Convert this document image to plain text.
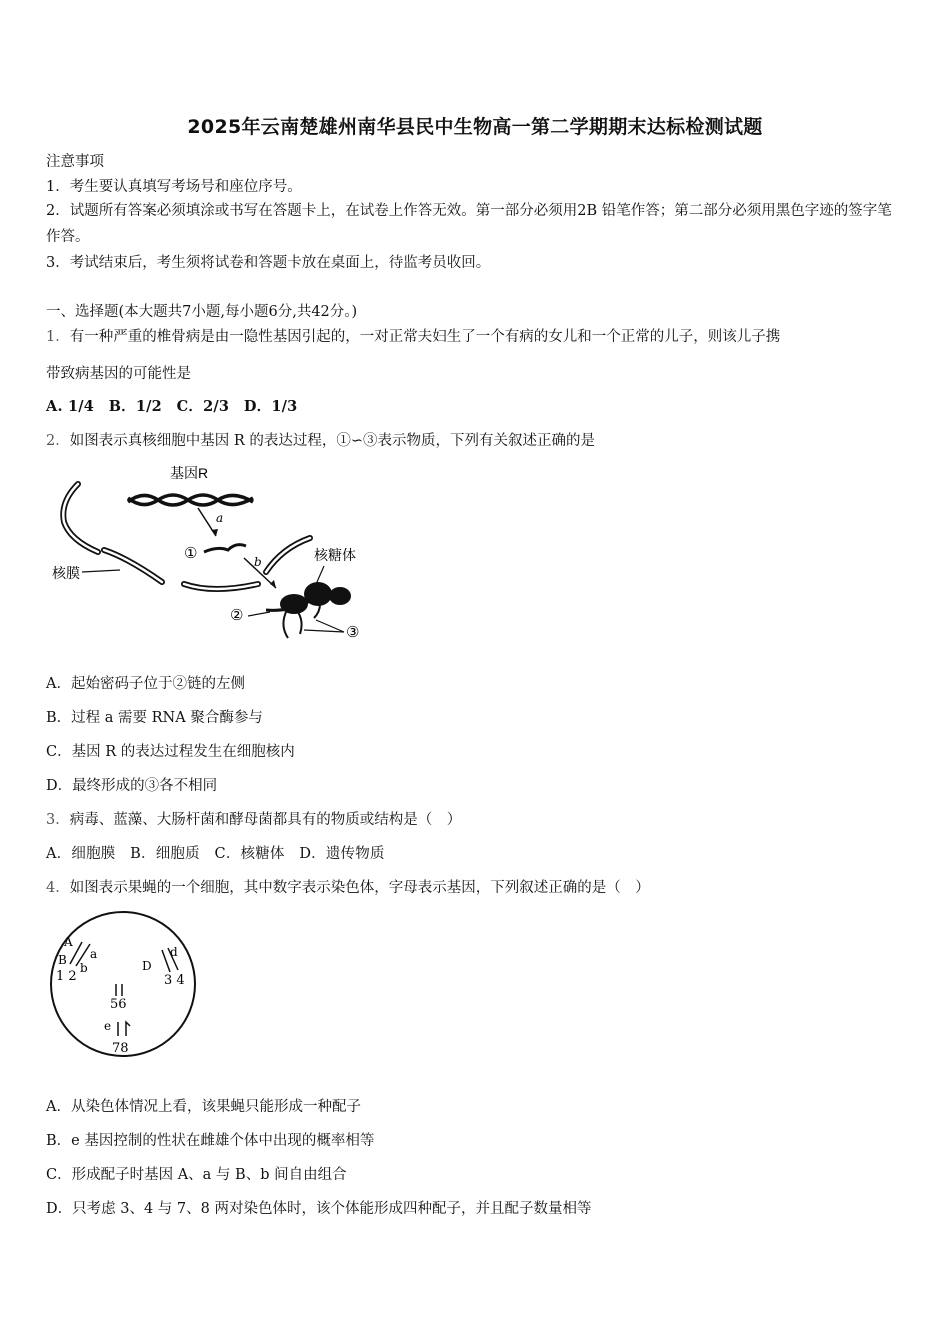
2025年云南楚雄州南华县民中生物高一第二学期期末达标检测试题
注意事项
1．考生要认真填写考场号和座位序号。
2．试题所有答案必须填涂或书写在答题卡上，在试卷上作答无效。第一部分必须用2B 铅笔作答；第二部分必须用黑色字迹的签字笔作答。
3．考试结束后，考生须将试卷和答题卡放在桌面上，待监考员收回。
一、选择题(本大题共7小题,每小题6分,共42分。)
1．有一种严重的椎骨病是由一隐性基因引起的，一对正常夫妇生了一个有病的女儿和一个正常的儿子，则该儿子携
带致病基因的可能性是
A. 1/4　B．1/2　C．2/3　D．1/3
2．如图表示真核细胞中基因 R 的表达过程，①∽③表示物质，下列有关叙述正确的是
基因R
a
①	b
核膜
核糖体
②
③
A．起始密码子位于②链的左侧
B．过程 a 需要 RNA 聚合酶参与
C．基因 R 的表达过程发生在细胞核内
D．最终形成的③各不相同
3．病毒、蓝藻、大肠杆菌和酵母菌都具有的物质或结构是（　）
A．细胞膜　B．细胞质　C．核糖体　D．遗传物质
4．如图表示果蝇的一个细胞，其中数字表示染色体，字母表示基因，下列叙述正确的是（　）
A
B a
b
1 2
D
d
3 4
56
e
78
A．从染色体情况上看，该果蝇只能形成一种配子
B．e 基因控制的性状在雌雄个体中出现的概率相等
C．形成配子时基因 A、a 与 B、b 间自由组合
D．只考虑 3、4 与 7、8 两对染色体时，该个体能形成四种配子，并且配子数量相等
